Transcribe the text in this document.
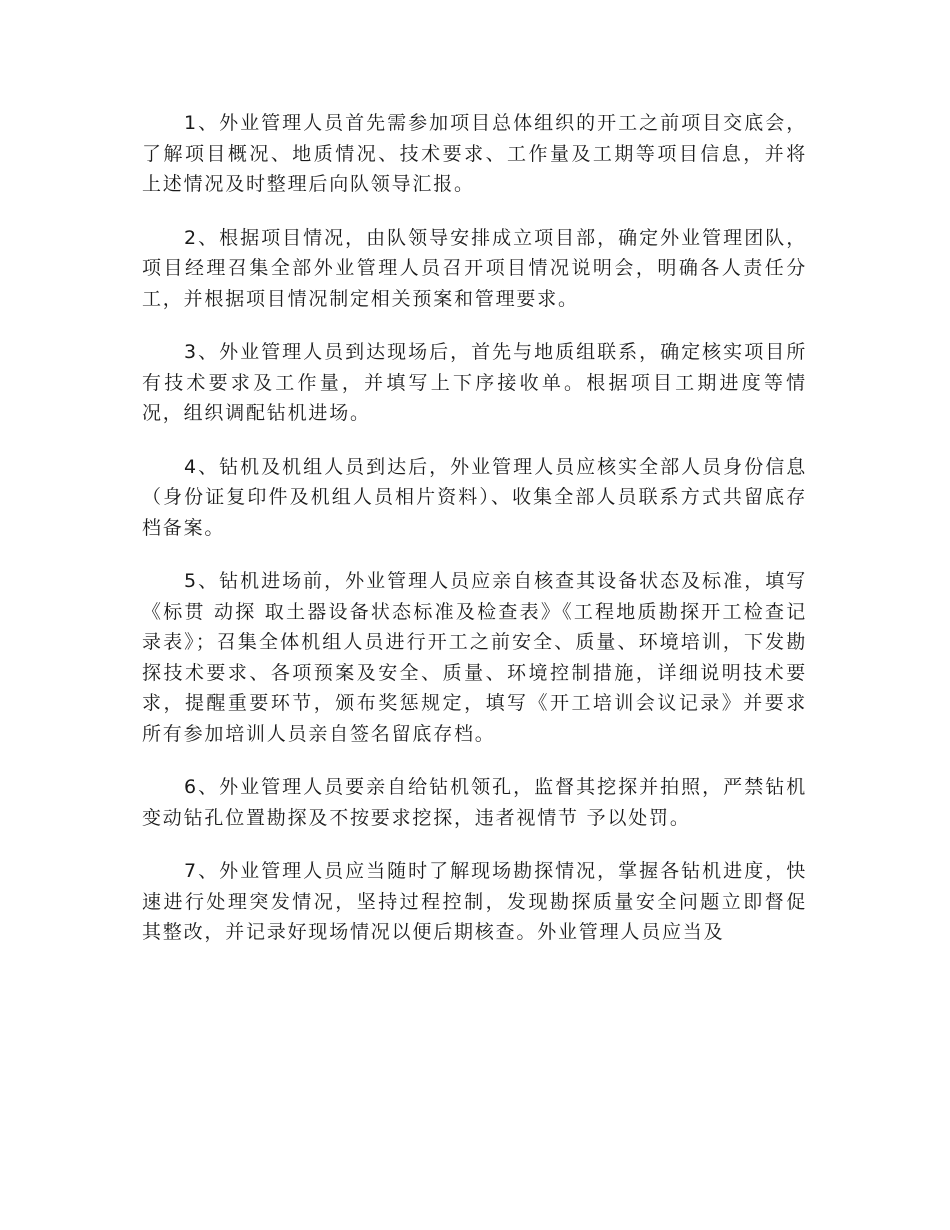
1、外业管理人员首先需参加项目总体组织的开工之前项目交底会，了解项目概况、地质情况、技术要求、工作量及工期等项目信息，并将上述情况及时整理后向队领导汇报。

2、根据项目情况，由队领导安排成立项目部，确定外业管理团队，项目经理召集全部外业管理人员召开项目情况说明会，明确各人责任分工，并根据项目情况制定相关预案和管理要求。

3、外业管理人员到达现场后，首先与地质组联系，确定核实项目所有技术要求及工作量，并填写上下序接收单。根据项目工期进度等情况，组织调配钻机进场。

4、钻机及机组人员到达后，外业管理人员应核实全部人员身份信息（身份证复印件及机组人员相片资料）、收集全部人员联系方式共留底存档备案。

5、钻机进场前，外业管理人员应亲自核查其设备状态及标准，填写《标贯 动探 取土器设备状态标准及检查表》《工程地质勘探开工检查记录表》；召集全体机组人员进行开工之前安全、质量、环境培训，下发勘探技术要求、各项预案及安全、质量、环境控制措施，详细说明技术要求，提醒重要环节，颁布奖惩规定，填写《开工培训会议记录》并要求所有参加培训人员亲自签名留底存档。

6、外业管理人员要亲自给钻机领孔，监督其挖探并拍照，严禁钻机变动钻孔位置勘探及不按要求挖探，违者视情节 予以处罚。

7、外业管理人员应当随时了解现场勘探情况，掌握各钻机进度，快速进行处理突发情况，坚持过程控制，发现勘探质量安全问题立即督促其整改，并记录好现场情况以便后期核查。外业管理人员应当及
